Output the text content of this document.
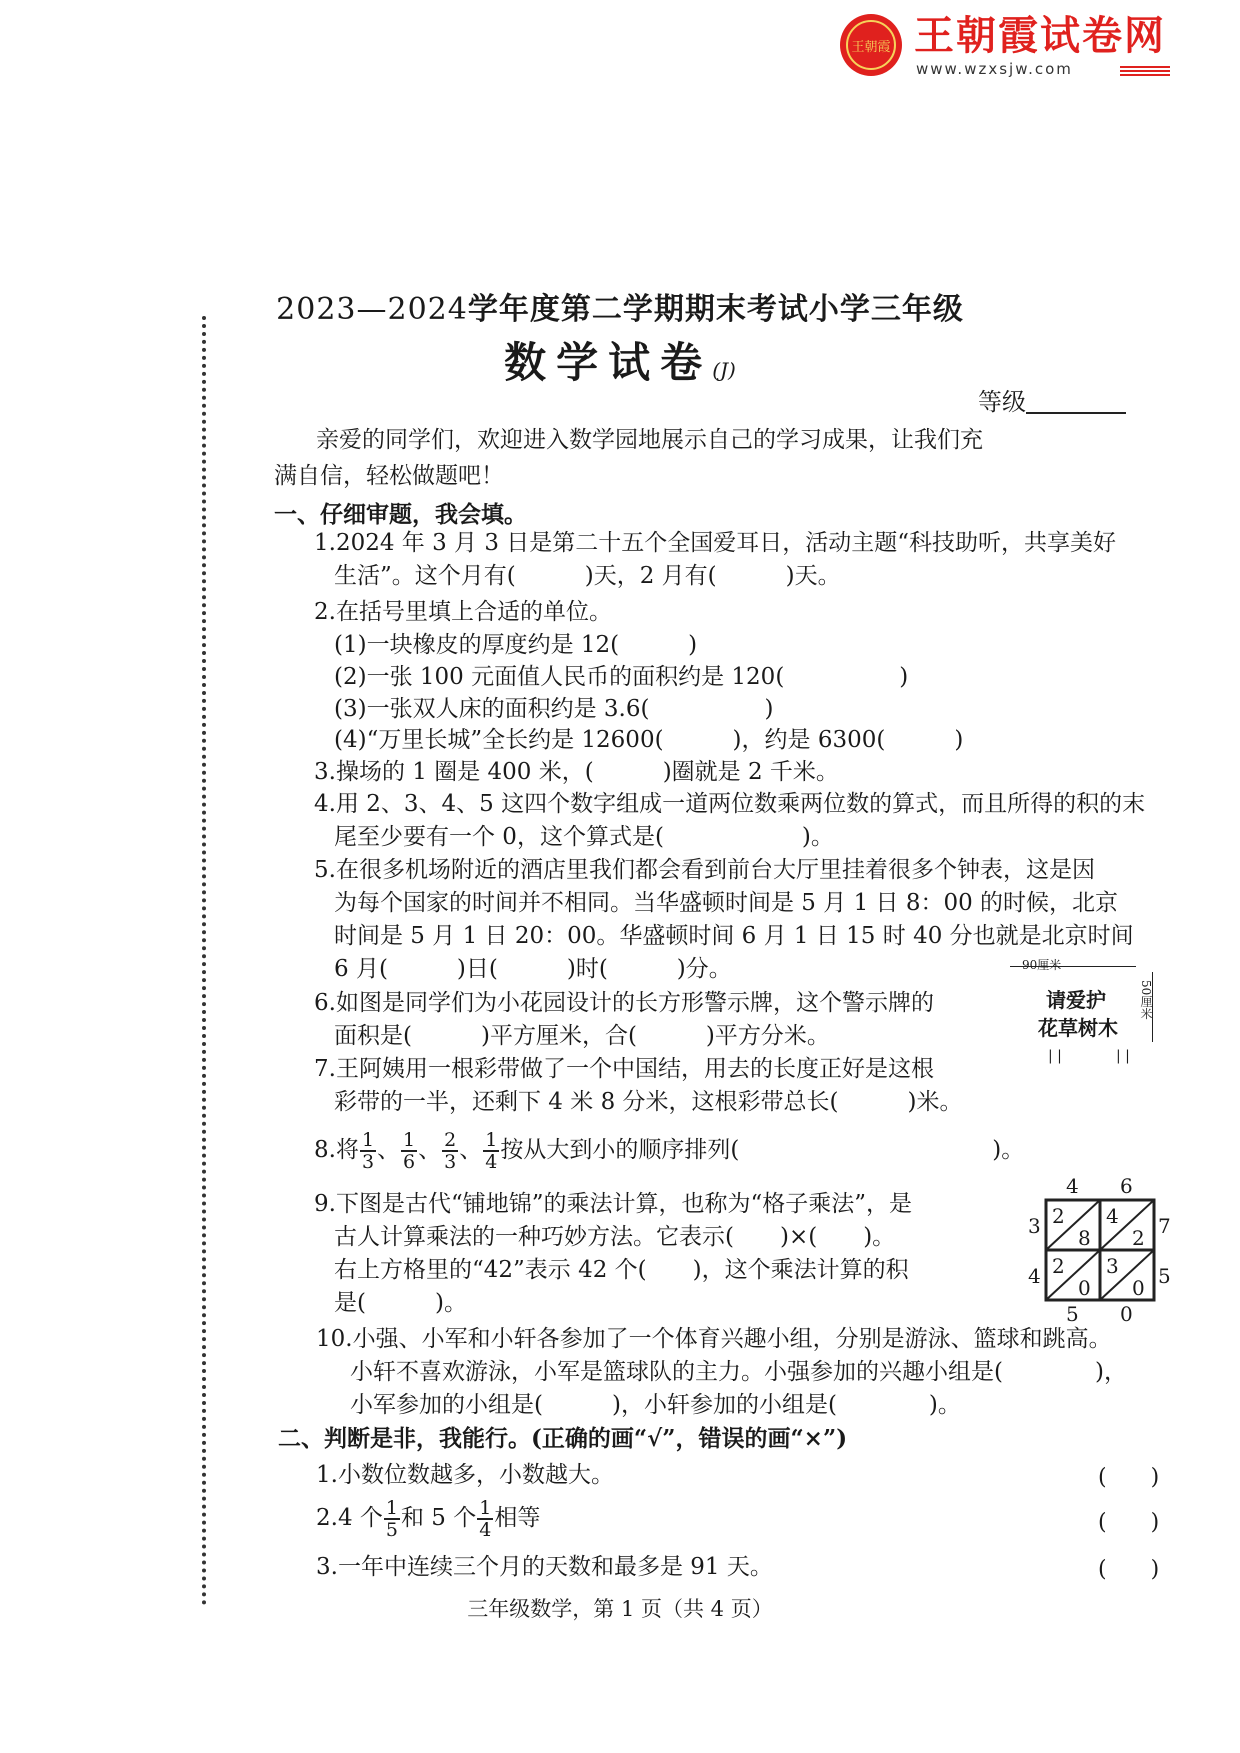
王朝霞 王朝霞试卷网
www.wzxsjw.com
2023—2024学年度第二学期期末考试小学三年级
数学试卷(J)
等级
亲爱的同学们，欢迎进入数学园地展示自己的学习成果，让我们充
满自信，轻松做题吧！
一、仔细审题，我会填。
1.2024 年 3 月 3 日是第二十五个全国爱耳日，活动主题“科技助听，共享美好
生活”。这个月有(　　　)天，2 月有(　　　)天。
2.在括号里填上合适的单位。
(1)一块橡皮的厚度约是 12(　　　)
(2)一张 100 元面值人民币的面积约是 120(　　　　　)
(3)一张双人床的面积约是 3.6(　　　　　)
(4)“万里长城”全长约是 12600(　　　)，约是 6300(　　　)
3.操场的 1 圈是 400 米，(　　　)圈就是 2 千米。
4.用 2、3、4、5 这四个数字组成一道两位数乘两位数的算式，而且所得的积的末
尾至少要有一个 0，这个算式是(　　　　　　)。
5.在很多机场附近的酒店里我们都会看到前台大厅里挂着很多个钟表，这是因
为每个国家的时间并不相同。当华盛顿时间是 5 月 1 日 8：00 的时候，北京
时间是 5 月 1 日 20：00。华盛顿时间 6 月 1 日 15 时 40 分也就是北京时间
6 月(　　　)日(　　　)时(　　　)分。
6.如图是同学们为小花园设计的长方形警示牌，这个警示牌的
面积是(　　　)平方厘米，合(　　　)平方分米。
7.王阿姨用一根彩带做了一个中国结，用去的长度正好是这根
彩带的一半，还剩下 4 米 8 分米，这根彩带总长(　　　)米。
90厘米
请爱护
花草树木
50厘米
| |	| |
8.将 $\frac{1}{3}$ 、 $\frac{1}{6}$ 、 $\frac{2}{3}$ 、 $\frac{1}{4}$ 按从大到小的顺序排列(　　　　　　　　　　　)。
9.下图是古代“铺地锦”的乘法计算，也称为“格子乘法”，是
古人计算乘法的一种巧妙方法。它表示(　　)×(　　)。
右上方格里的“42”表示 42 个(　　)，这个乘法计算的积
是(　　　)。
4 6
3
4
7
5
2
8
4
2
2
0
3
0
5 0
10.小强、小军和小轩各参加了一个体育兴趣小组，分别是游泳、篮球和跳高。
小轩不喜欢游泳，小军是篮球队的主力。小强参加的兴趣小组是(　　　　)，
小军参加的小组是(　　　)，小轩参加的小组是(　　　　)。
二、判断是非，我能行。(正确的画“√”，错误的画“×”)
1.小数位数越多，小数越大。	(　　)
2.4 个 $\frac{1}{5}$ 和 5 个 $\frac{1}{4}$ 相等	(　　)
3.一年中连续三个月的天数和最多是 91 天。	(　　)
三年级数学，第 1 页（共 4 页）
